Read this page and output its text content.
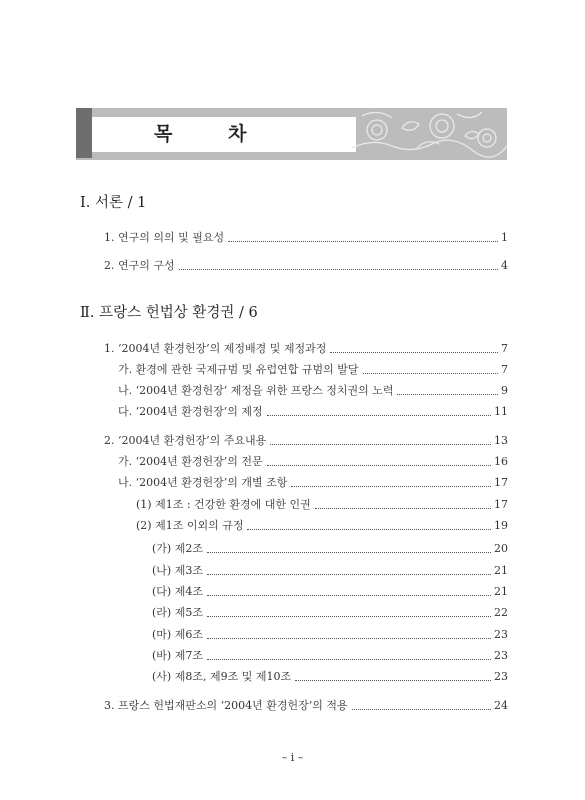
목	차
Ⅰ. 서론 / 1
Ⅱ. 프랑스 헌법상 환경권 / 6
1. 연구의 의의 및 필요성	1
2. 연구의 구성	4
1. ‘2004년 환경헌장’의 제정배경 및 제정과정	7
가. 환경에 관한 국제규범 및 유럽연합 규범의 발달	7
나. ‘2004년 환경헌장’ 제정을 위한 프랑스 정치권의 노력	9
다. ‘2004년 환경헌장’의 제정	11
2. ‘2004년 환경헌장’의 주요내용	13
가. ‘2004년 환경헌장’의 전문	16
나. ‘2004년 환경헌장’의 개별 조항	17
(1) 제1조 : 건강한 환경에 대한 인권	17
(2) 제1조 이외의 규정	19
(가) 제2조	20
(나) 제3조	21
(다) 제4조	21
(라) 제5조	22
(마) 제6조	23
(바) 제7조	23
(사) 제8조, 제9조 및 제10조	23
3. 프랑스 헌법재판소의 ‘2004년 환경헌장’의 적용	24
– i –
